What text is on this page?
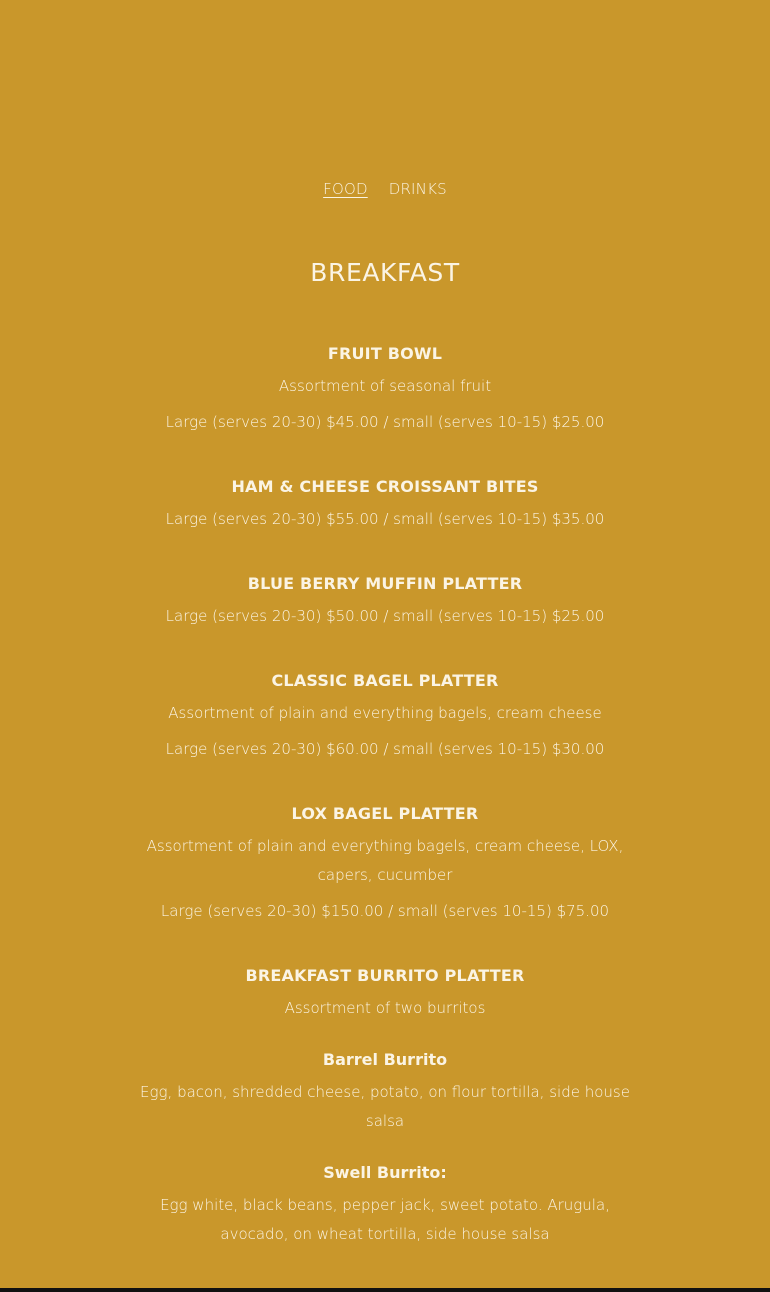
FOOD DRINKS
BREAKFAST
FRUIT BOWL
Assortment of seasonal fruit
Large (serves 20-30) $45.00 / small (serves 10-15) $25.00
HAM & CHEESE CROISSANT BITES
Large (serves 20-30) $55.00 / small (serves 10-15) $35.00
BLUE BERRY MUFFIN PLATTER
Large (serves 20-30) $50.00 / small (serves 10-15) $25.00
CLASSIC BAGEL PLATTER
Assortment of plain and everything bagels, cream cheese
Large (serves 20-30) $60.00 / small (serves 10-15) $30.00
LOX BAGEL PLATTER
Assortment of plain and everything bagels, cream cheese, LOX, capers, cucumber
Large (serves 20-30) $150.00 / small (serves 10-15) $75.00
BREAKFAST BURRITO PLATTER
Assortment of two burritos
Barrel Burrito
Egg, bacon, shredded cheese, potato, on flour tortilla, side house salsa
Swell Burrito:
Egg white, black beans, pepper jack, sweet potato. Arugula, avocado, on wheat tortilla, side house salsa
